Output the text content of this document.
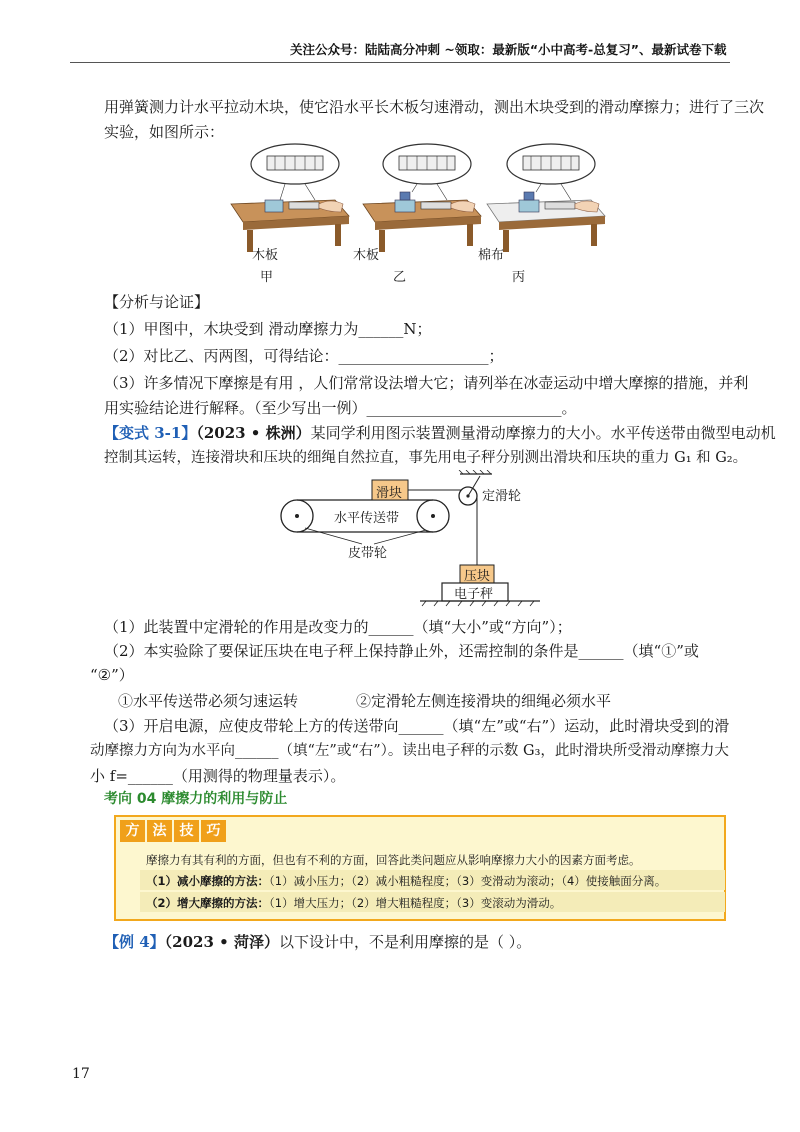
关注公众号：陆陆高分冲刺 ~领取：最新版“小中高考-总复习”、最新试卷下载
用弹簧测力计水平拉动木块，使它沿水平长木板匀速滑动，测出木块受到的滑动摩擦力；进行了三次
实验，如图所示：
木板
甲
木板
乙
棉布
丙
【分析与论证】
（1）甲图中，木块受到 滑动摩擦力为______N；
（2）对比乙、丙两图，可得结论：____________________；
（3）许多情况下摩擦是有用 ，人们常常设法增大它；请列举在冰壶运动中增大摩擦的措施，并利
用实验结论进行解释。（至少写出一例）__________________________。
【变式 3-1】（2023 • 株洲）某同学利用图示装置测量滑动摩擦力的大小。水平传送带由微型电动机
控制其运转，连接滑块和压块的细绳自然拉直，事先用电子秤分别测出滑块和压块的重力 G₁ 和 G₂。
滑块
水平传送带
定滑轮
皮带轮
压块
电子秤
（1）此装置中定滑轮的作用是改变力的______（填“大小”或“方向”）；
（2）本实验除了要保证压块在电子秤上保持静止外，还需控制的条件是______（填“①”或
“②”）
①水平传送带必须匀速运转	②定滑轮左侧连接滑块的细绳必须水平
（3）开启电源，应使皮带轮上方的传送带向______（填“左”或“右”）运动，此时滑块受到的滑
动摩擦力方向为水平向______（填“左”或“右”）。读出电子秤的示数 G₃，此时滑块所受滑动摩擦力大
小 f=______（用测得的物理量表示）。
考向 04 摩擦力的利用与防止
方 法 技 巧
摩擦力有其有利的方面，但也有不利的方面，回答此类问题应从影响摩擦力大小的因素方面考虑。
（1）减小摩擦的方法：（1）减小压力；（2）减小粗糙程度；（3）变滑动为滚动；（4）使接触面分离。
（2）增大摩擦的方法：（1）增大压力；（2）增大粗糙程度；（3）变滚动为滑动。
【例 4】（2023 • 菏泽）以下设计中，不是利用摩擦的是（ ）。
17
